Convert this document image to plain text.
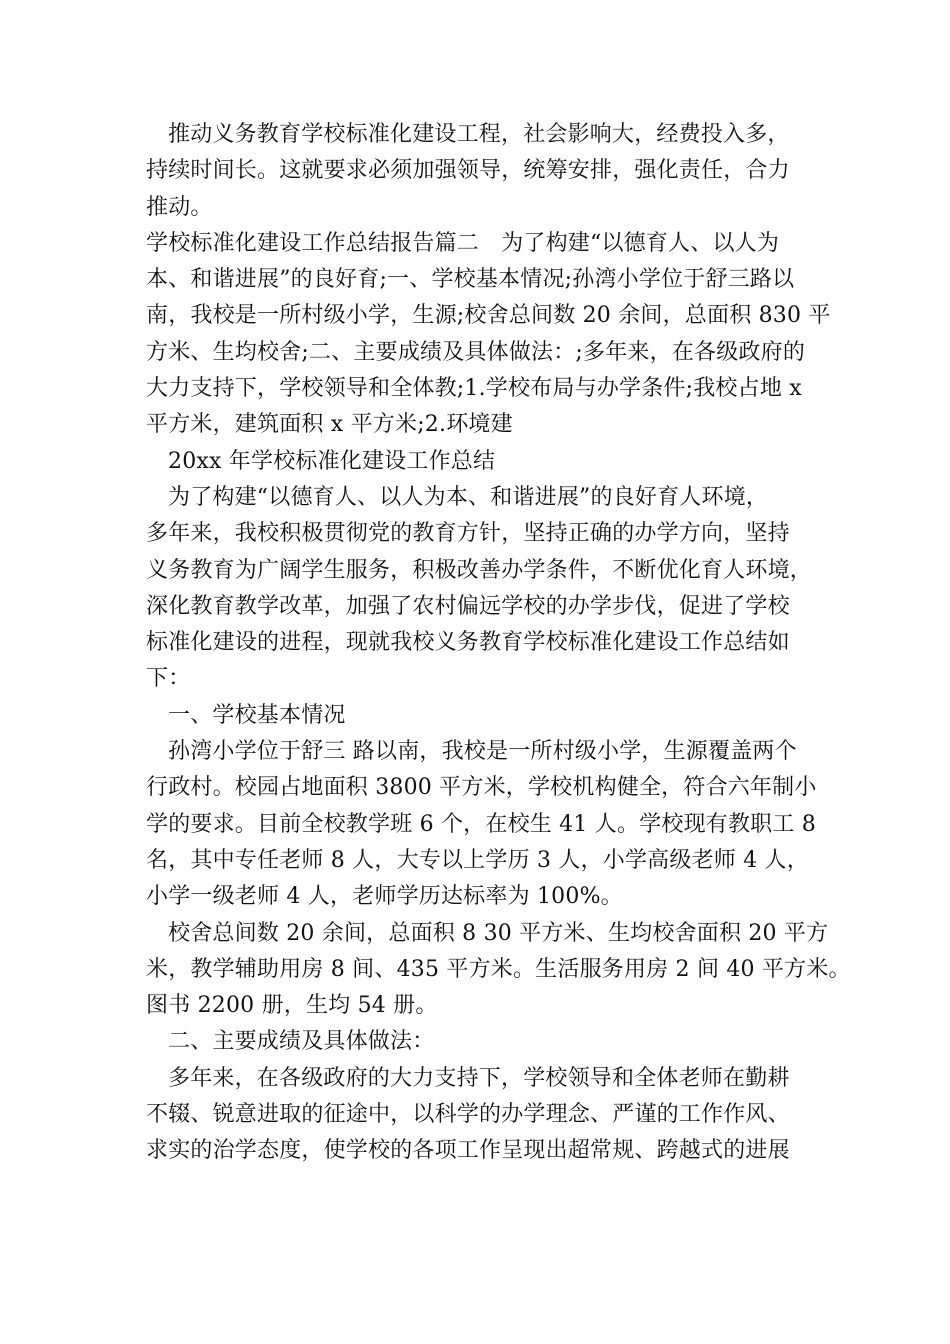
推动义务教育学校标准化建设工程，社会影响大，经费投入多，
持续时间长。这就要求必须加强领导，统筹安排，强化责任，合力
推动。
学校标准化建设工作总结报告篇二　为了构建“以德育人、以人为
本、和谐进展”的良好育;一、学校基本情况;孙湾小学位于舒三路以
南，我校是一所村级小学，生源;校舍总间数 20 余间，总面积 830 平
方米、生均校舍;二、主要成绩及具体做法：;多年来，在各级政府的
大力支持下，学校领导和全体教;1.学校布局与办学条件;我校占地 x
平方米，建筑面积 x 平方米;2.环境建
20xx 年学校标准化建设工作总结
为了构建“以德育人、以人为本、和谐进展”的良好育人环境，
多年来，我校积极贯彻党的教育方针，坚持正确的办学方向，坚持
义务教育为广阔学生服务，积极改善办学条件，不断优化育人环境，
深化教育教学改革，加强了农村偏远学校的办学步伐，促进了学校
标准化建设的进程，现就我校义务教育学校标准化建设工作总结如
下：
一、学校基本情况
孙湾小学位于舒三 路以南，我校是一所村级小学，生源覆盖两个
行政村。校园占地面积 3800 平方米，学校机构健全，符合六年制小
学的要求。目前全校教学班 6 个，在校生 41 人。学校现有教职工 8
名，其中专任老师 8 人，大专以上学历 3 人，小学高级老师 4 人，
小学一级老师 4 人，老师学历达标率为 100%。
校舍总间数 20 余间，总面积 8 30 平方米、生均校舍面积 20 平方
米，教学辅助用房 8 间、435 平方米。生活服务用房 2 间 40 平方米。
图书 2200 册，生均 54 册。
二、主要成绩及具体做法：
多年来，在各级政府的大力支持下，学校领导和全体老师在勤耕
不辍、锐意进取的征途中，以科学的办学理念、严谨的工作作风、
求实的治学态度，使学校的各项工作呈现出超常规、跨越式的进展
